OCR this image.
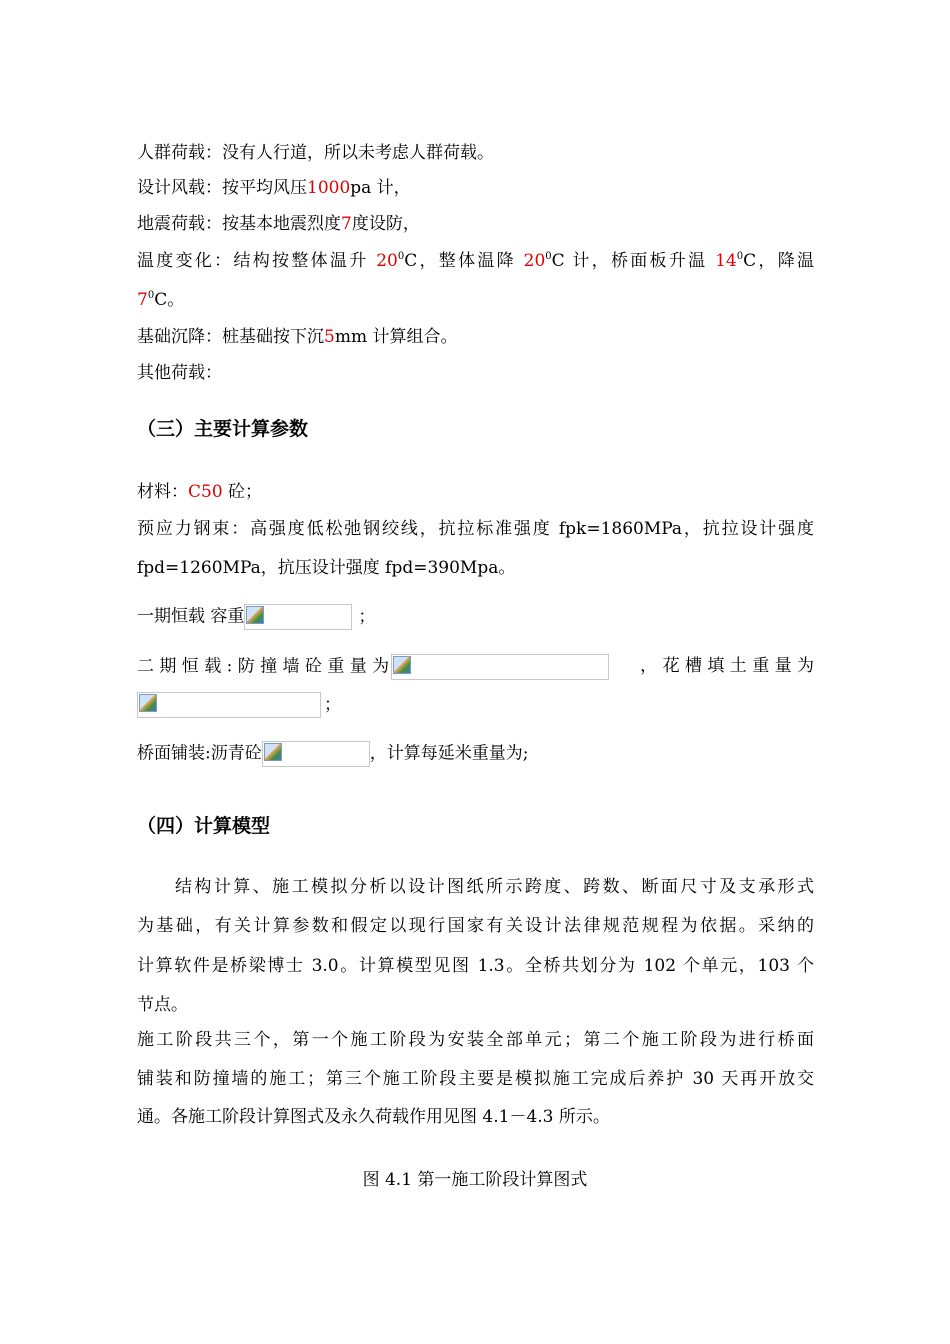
人群荷载：没有人行道，所以未考虑人群荷载。
设计风载：按平均风压1000pa 计，
地震荷载：按基本地震烈度7度设防，
温度变化：结构按整体温升 $20^0C$，整体温降 $20^0C$ 计，桥面板升温 $14^0C$，降温
$7^0C$。
基础沉降：桩基础按下沉5mm 计算组合。
其他荷载：
（三）主要计算参数
材料：C50 砼；
预应力钢束：高强度低松弛钢绞线，抗拉标准强度 fpk=1860MPa，抗拉设计强度
fpd=1260MPa，抗压设计强度 fpd=390Mpa。
一期恒载 容重	；
二 期 恒 载 : 防 撞 墙 砼 重 量 为	， 花 槽 填 土 重 量 为
；
桥面铺装:沥青砼	，计算每延米重量为;
（四）计算模型
结构计算、施工模拟分析以设计图纸所示跨度、跨数、断面尺寸及支承形式
为基础，有关计算参数和假定以现行国家有关设计法律规范规程为依据。采纳的
计算软件是桥梁博士 3.0。计算模型见图 1.3。全桥共划分为 102 个单元，103 个
节点。
施工阶段共三个，第一个施工阶段为安装全部单元；第二个施工阶段为进行桥面
铺装和防撞墙的施工；第三个施工阶段主要是模拟施工完成后养护 30 天再开放交
通。各施工阶段计算图式及永久荷载作用见图 4.1－4.3 所示。
图 4.1 第一施工阶段计算图式
